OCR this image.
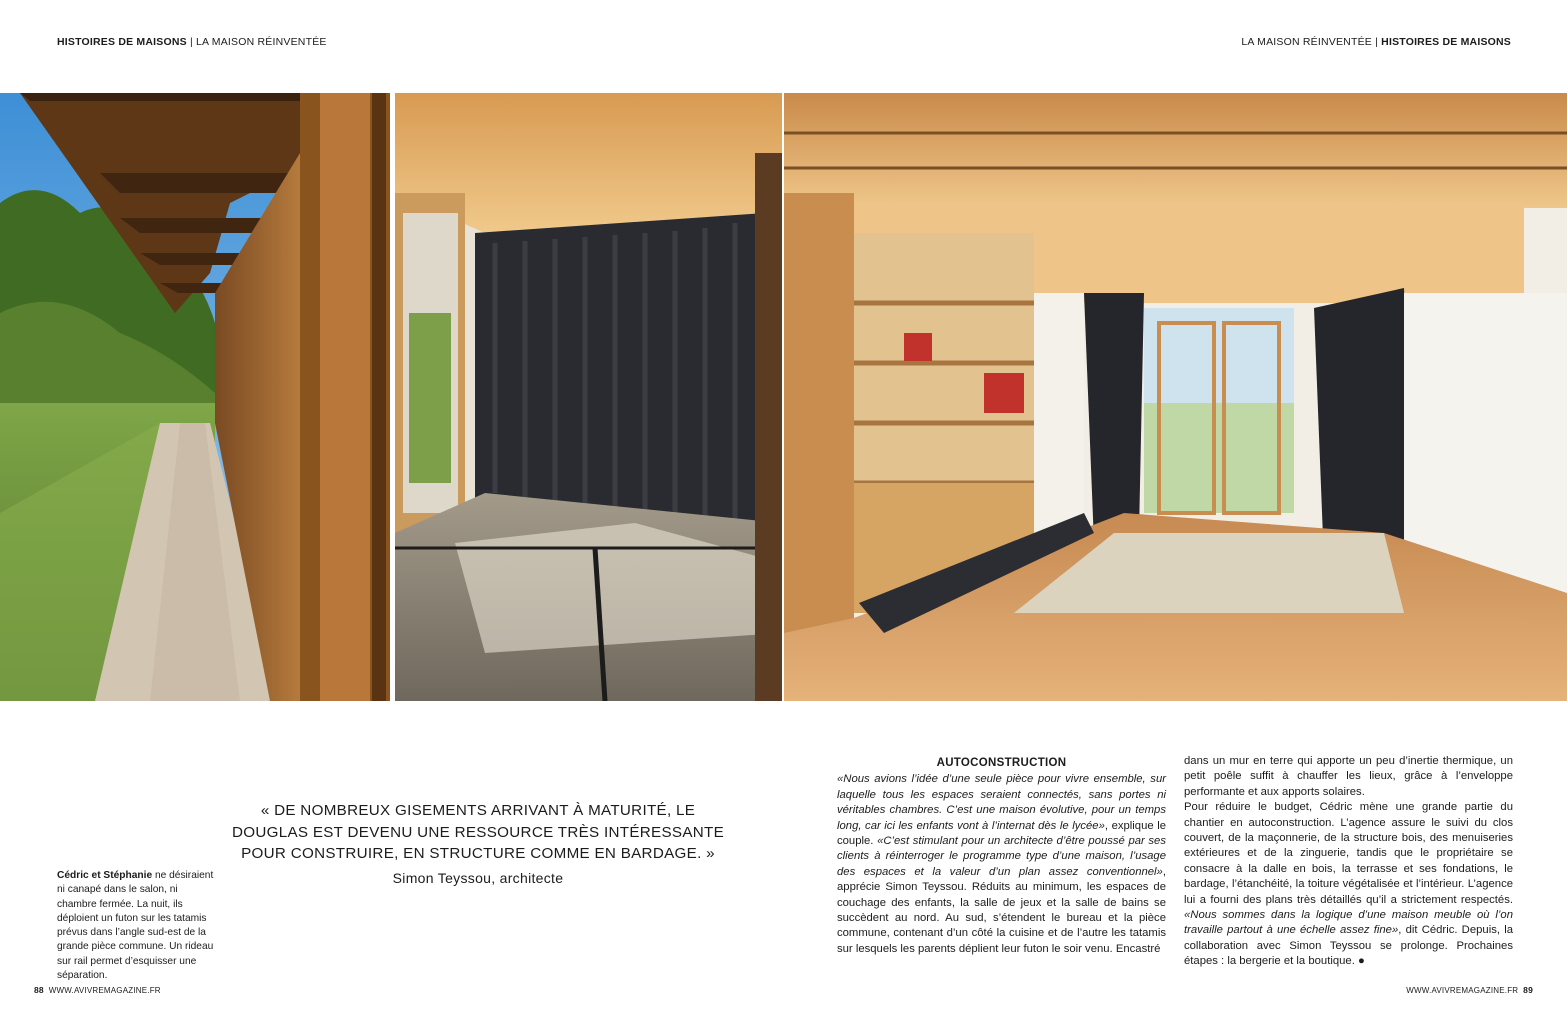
HISTOIRES DE MAISONS | LA MAISON RÉINVENTÉE	LA MAISON RÉINVENTÉE | HISTOIRES DE MAISONS
« DE NOMBREUX GISEMENTS ARRIVANT À MATURITÉ, LE DOUGLAS EST DEVENU UNE RESSOURCE TRÈS INTÉRESSANTE POUR CONSTRUIRE, EN STRUCTURE COMME EN BARDAGE. »
Simon Teyssou, architecte
Cédric et Stéphanie ne désiraient ni canapé dans le salon, ni chambre fermée. La nuit, ils déploient un futon sur les tatamis prévus dans l’angle sud-est de la grande pièce commune. Un rideau sur rail permet d’esquisser une séparation.
AUTOCONSTRUCTION

«Nous avions l’idée d’une seule pièce pour vivre ensemble, sur laquelle tous les espaces seraient connectés, sans portes ni véritables chambres. C’est une maison évolutive, pour un temps long, car ici les enfants vont à l’internat dès le lycée», explique le couple. «C’est stimulant pour un architecte d’être poussé par ses clients à réinterroger le programme type d’une maison, l’usage des espaces et la valeur d’un plan assez conventionnel», apprécie Simon Teyssou. Réduits au minimum, les espaces de couchage des enfants, la salle de jeux et la salle de bains se succèdent au nord. Au sud, s’étendent le bureau et la pièce commune, contenant d’un côté la cuisine et de l’autre les tatamis sur lesquels les parents déplient leur futon le soir venu. Encastré

dans un mur en terre qui apporte un peu d’inertie thermique, un petit poêle suffit à chauffer les lieux, grâce à l’enveloppe performante et aux apports solaires.

Pour réduire le budget, Cédric mène une grande partie du chantier en autoconstruction. L’agence assure le suivi du clos couvert, de la maçonnerie, de la structure bois, des menuiseries extérieures et de la zinguerie, tandis que le propriétaire se consacre à la dalle en bois, la terrasse et ses fondations, le bardage, l’étanchéité, la toiture végétalisée et l’intérieur. L’agence lui a fourni des plans très détaillés qu’il a strictement respectés. «Nous sommes dans la logique d’une maison meuble où l’on travaille partout à une échelle assez fine», dit Cédric. Depuis, la collaboration avec Simon Teyssou se prolonge. Prochaines étapes : la bergerie et la boutique. ●

88 WWW.AVIVREMAGAZINE.FR	WWW.AVIVREMAGAZINE.FR 89
